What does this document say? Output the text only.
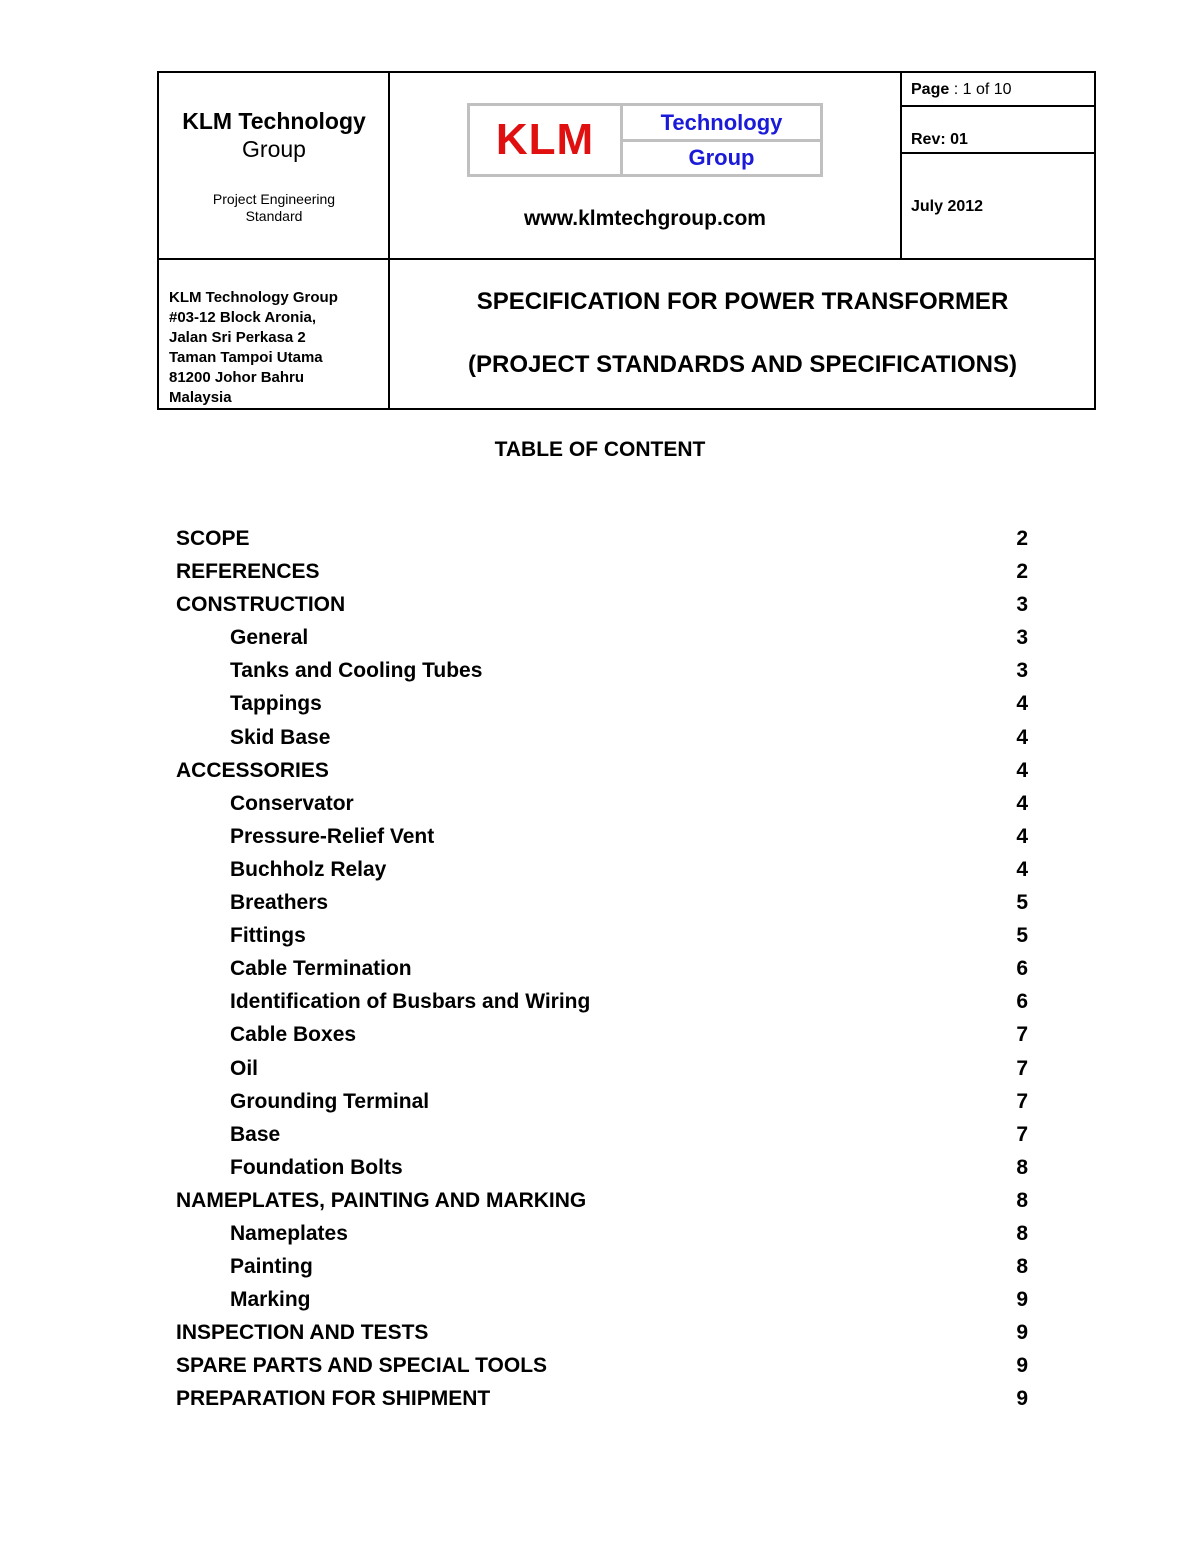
KLM Technology
Group
Project Engineering
Standard
KLM	Technology
Group
www.klmtechgroup.com
Page : 1 of 10
Rev: 01
July 2012
KLM Technology Group
#03-12 Block Aronia,
Jalan Sri Perkasa 2
Taman Tampoi Utama
81200 Johor Bahru
Malaysia
SPECIFICATION FOR POWER TRANSFORMER
(PROJECT STANDARDS AND SPECIFICATIONS)
TABLE OF CONTENT
SCOPE	2
REFERENCES	2
CONSTRUCTION	3
General	3
Tanks and Cooling Tubes	3
Tappings	4
Skid Base	4
ACCESSORIES	4
Conservator	4
Pressure-Relief Vent	4
Buchholz Relay	4
Breathers	5
Fittings	5
Cable Termination	6
Identification of Busbars and Wiring	6
Cable Boxes	7
Oil	7
Grounding Terminal	7
Base	7
Foundation Bolts	8
NAMEPLATES, PAINTING AND MARKING	8
Nameplates	8
Painting	8
Marking	9
INSPECTION AND TESTS	9
SPARE PARTS AND SPECIAL TOOLS	9
PREPARATION FOR SHIPMENT	9
